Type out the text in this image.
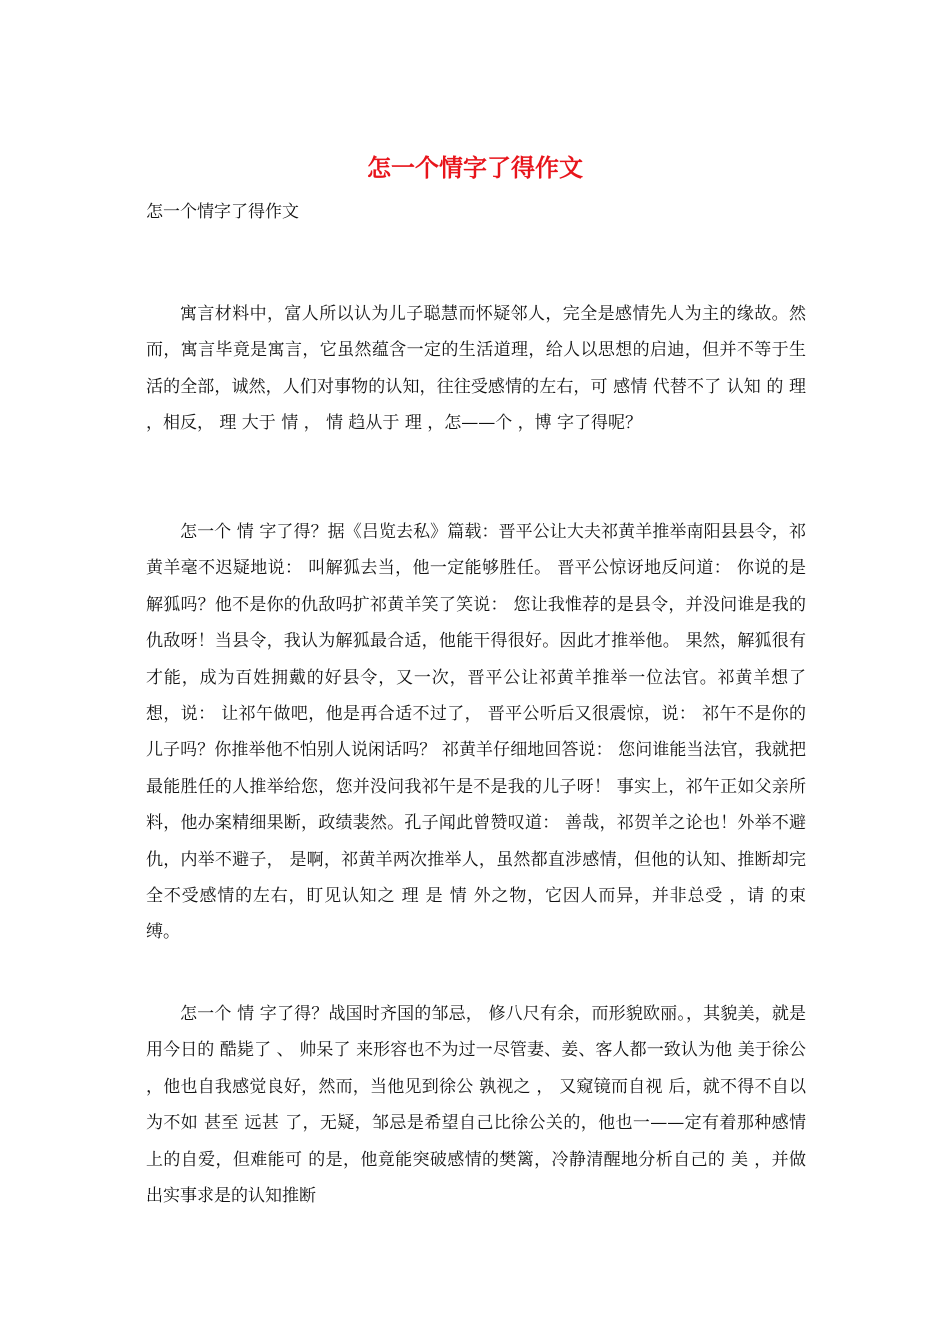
怎一个情字了得作文
怎一个情字了得作文

寓言材料中，富人所以认为儿子聪慧而怀疑邻人，完全是感情先人为主的缘故。然而，寓言毕竟是寓言，它虽然蕴含一定的生活道理，给人以思想的启迪，但并不等于生活的全部，诚然，人们对事物的认知，往往受感情的左右，可 感情 代替不了 认知 的 理 ，相反， 理 大于 情 ， 情 趋从于 理 ，怎——个 ，博 字了得呢？

怎一个 情 字了得？据《吕览去私》篇载：晋平公让大夫祁黄羊推举南阳县县令，祁黄羊毫不迟疑地说： 叫解狐去当，他一定能够胜任。 晋平公惊讶地反问道： 你说的是解狐吗？他不是你的仇敌吗扩祁黄羊笑了笑说： 您让我惟荐的是县令，并没问谁是我的仇敌呀！当县令，我认为解狐最合适，他能干得很好。因此才推举他。 果然，解狐很有才能，成为百姓拥戴的好县令，又一次，晋平公让祁黄羊推举一位法官。祁黄羊想了想，说： 让祁午做吧，他是再合适不过了， 晋平公听后又很震惊，说： 祁午不是你的儿子吗？你推举他不怕别人说闲话吗？ 祁黄羊仔细地回答说： 您问谁能当法官，我就把最能胜任的人推举给您，您并没问我祁午是不是我的儿子呀！ 事实上，祁午正如父亲所料，他办案精细果断，政绩裴然。孔子闻此曾赞叹道： 善哉，祁贺羊之论也！外举不避仇，内举不避子， 是啊，祁黄羊两次推举人，虽然都直涉感情，但他的认知、推断却完全不受感情的左右，盯见认知之 理 是 情 外之物，它因人而异，并非总受 ，请 的束缚。

怎一个 情 字了得？战国时齐国的邹忌， 修八尺有余，而形貌欧丽。，其貌美，就是用今日的 酷毙了 、 帅呆了 来形容也不为过一尽管妻、姜、客人都一致认为他 美于徐公 ，他也自我感觉良好，然而，当他见到徐公 孰视之 ， 又窥镜而自视 后，就不得不自以为不如 甚至 远甚 了，无疑，邹忌是希望自己比徐公关的，他也一——定有着那种感情上的自爱，但难能可 的是，他竟能突破感情的樊篱，冷静清醒地分析自己的 美 ，并做出实事求是的认知推断
